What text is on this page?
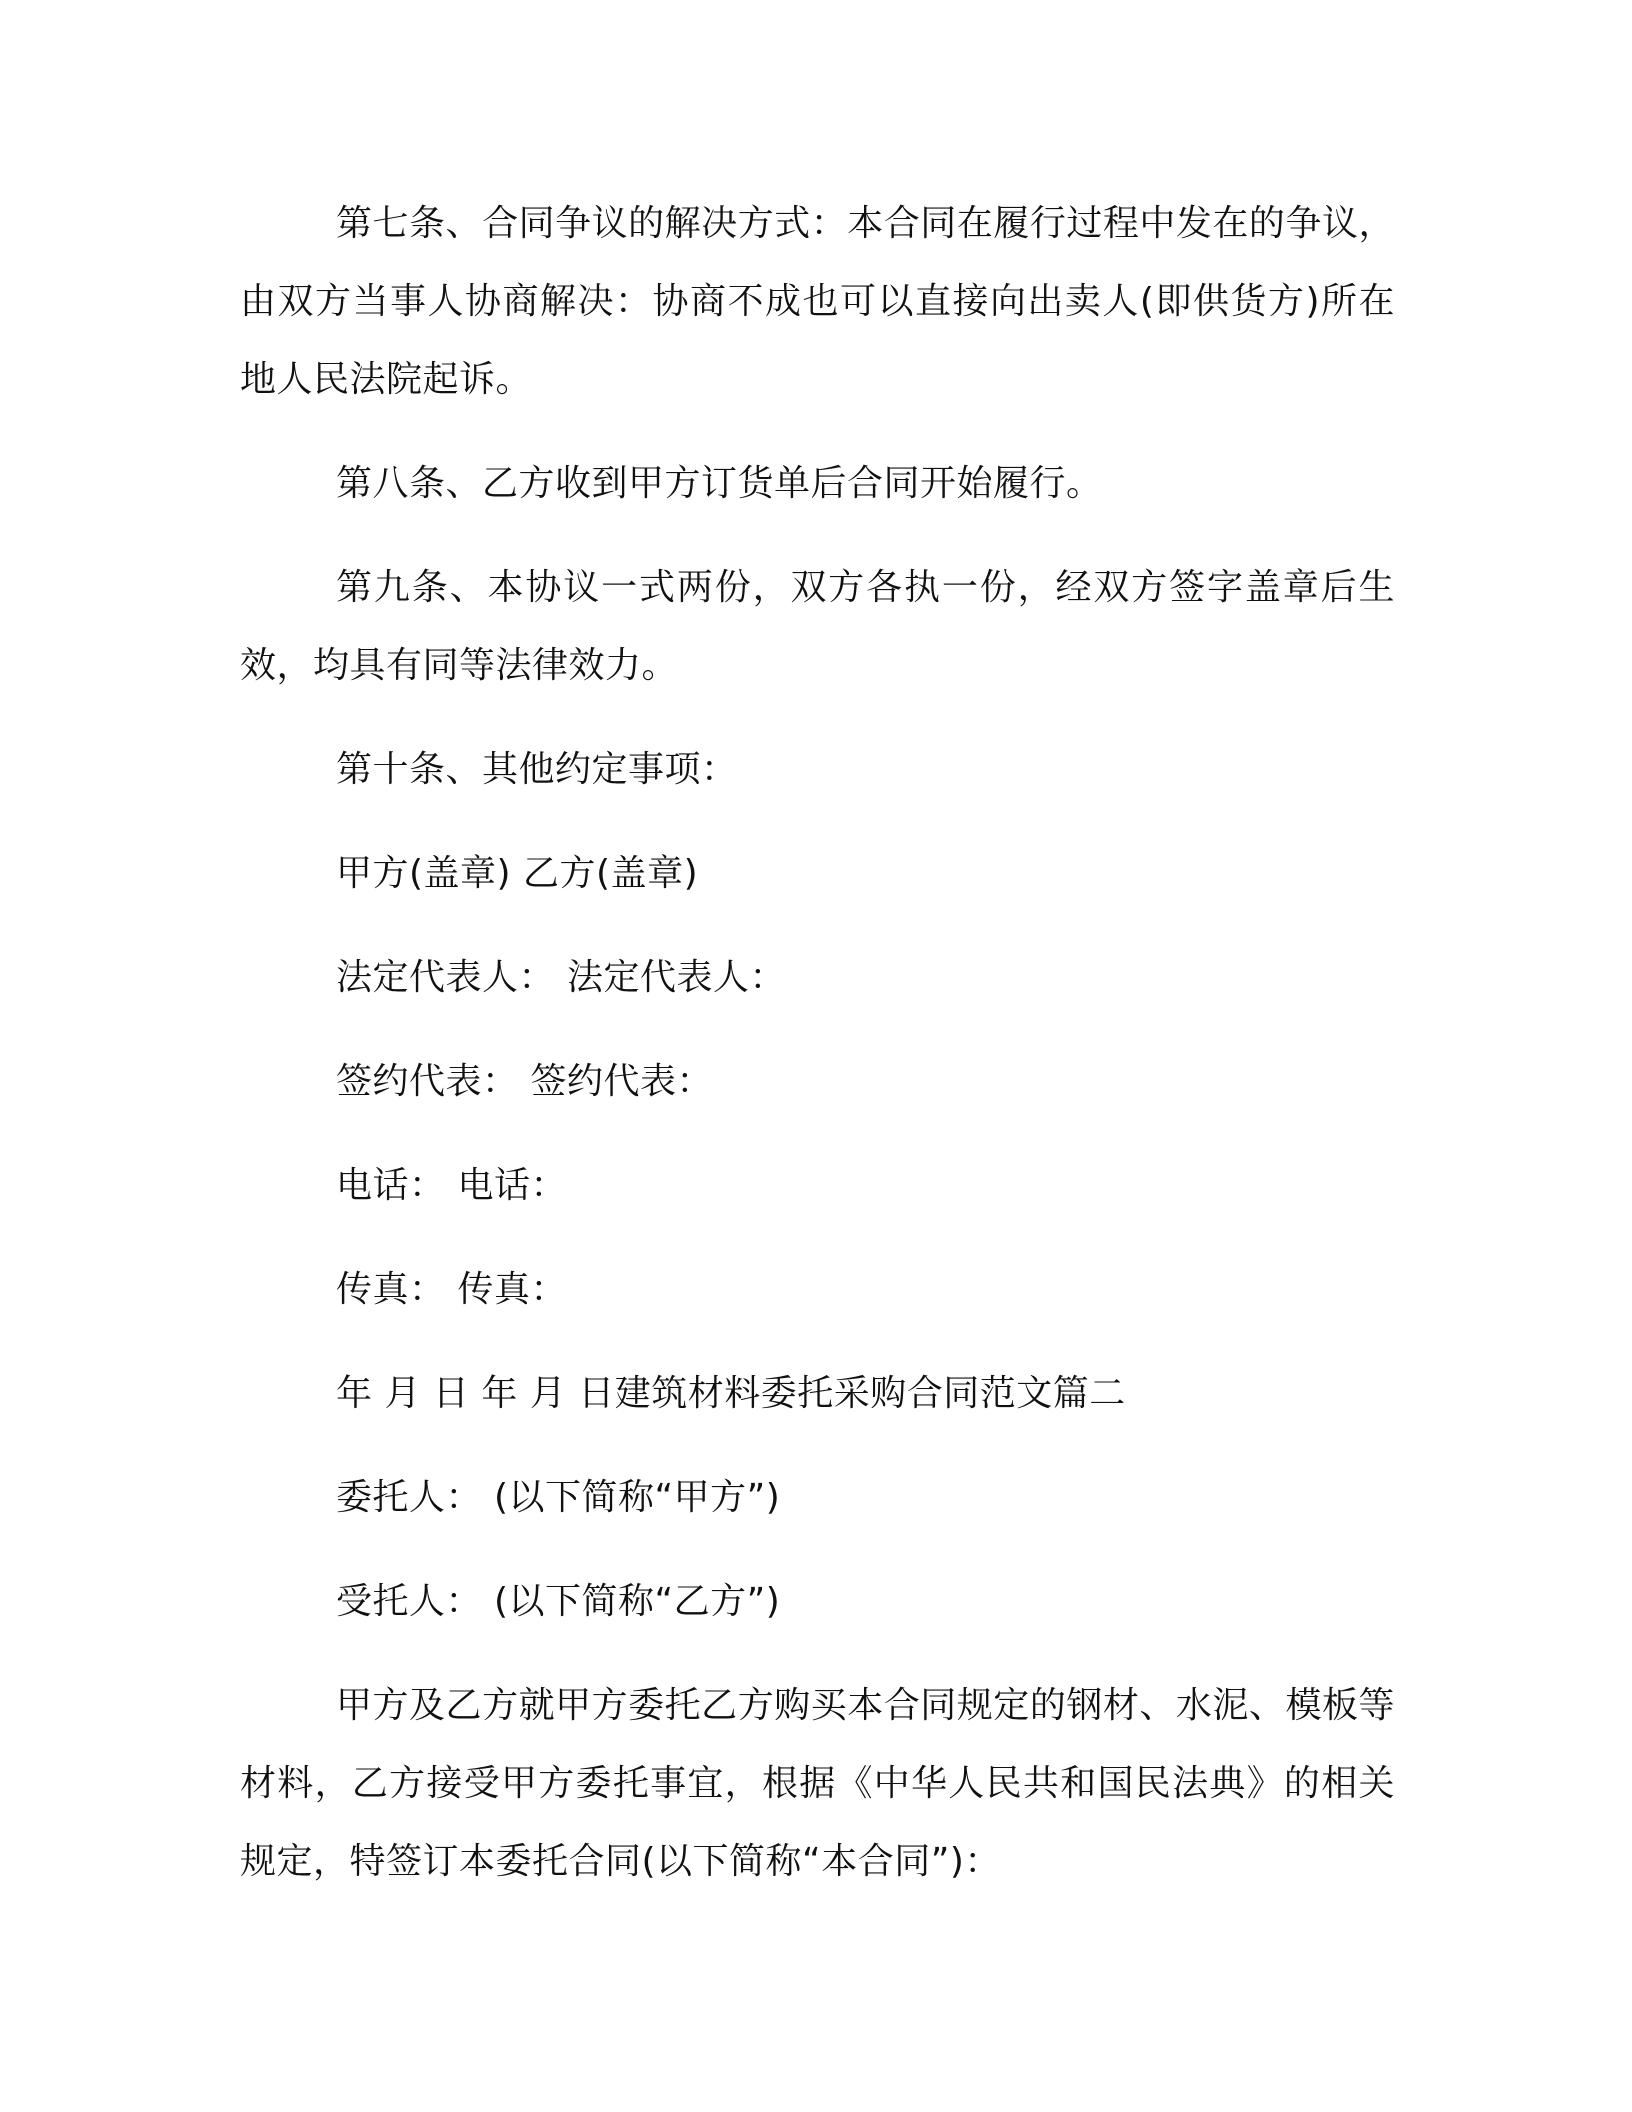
第七条、合同争议的解决方式：本合同在履行过程中发在的争议，由双方当事人协商解决：协商不成也可以直接向出卖人(即供货方)所在地人民法院起诉。

第八条、乙方收到甲方订货单后合同开始履行。

第九条、本协议一式两份，双方各执一份，经双方签字盖章后生效，均具有同等法律效力。

第十条、其他约定事项：

甲方(盖章) 乙方(盖章)

法定代表人： 法定代表人：

签约代表： 签约代表：

电话： 电话：

传真： 传真：

年 月 日 年 月 日建筑材料委托采购合同范文篇二

委托人： (以下简称“甲方”)

受托人： (以下简称“乙方”)

甲方及乙方就甲方委托乙方购买本合同规定的钢材、水泥、模板等材料，乙方接受甲方委托事宜，根据《中华人民共和国民法典》的相关规定，特签订本委托合同(以下简称“本合同”)：
